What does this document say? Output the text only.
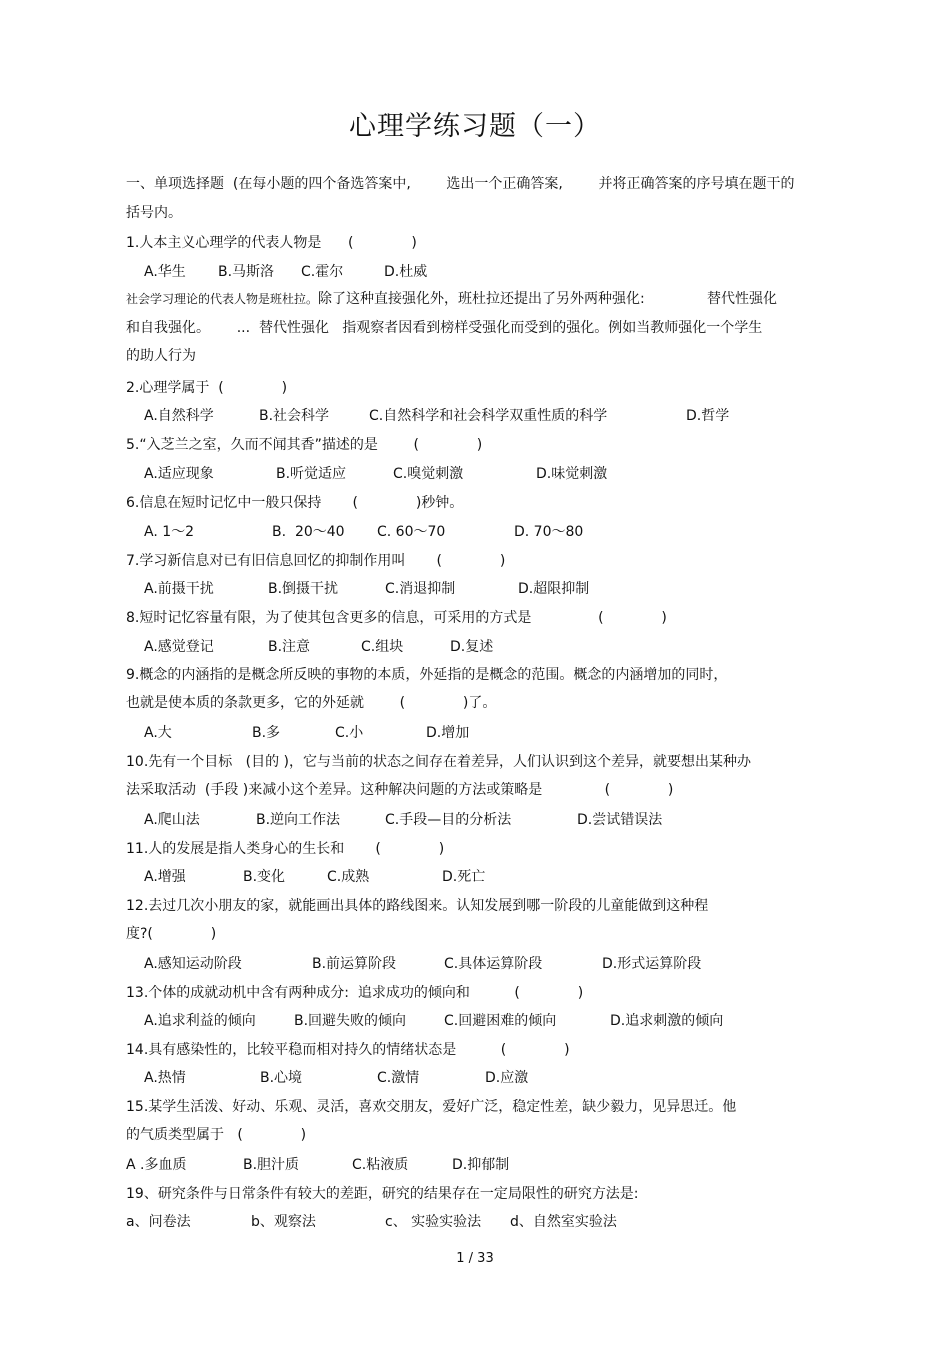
心理学练习题（一）
一、单项选择题  (在每小题的四个备选答案中,        选出一个正确答案,        并将正确答案的序号填在题干的
括号内。
1.人本主义心理学的代表人物是      (             )
A.华生 B.马斯洛 C.霍尔	D.杜威
社会学习理论的代表人物是班杜拉。除了这种直接强化外，班杜拉还提出了另外两种强化:              替代性强化
和自我强化。      ...  替代性强化   指观察者因看到榜样受强化而受到的强化。例如当教师强化一个学生
的助人行为
2.心理学属于  (             )
A.自然科学	B.社会科学	C.自然科学和社会科学双重性质的科学	D.哲学
5.“入芝兰之室，久而不闻其香”描述的是        (             )
A.适应现象	B.听觉适应	C.嗅觉刺激	D.味觉刺激
6.信息在短时记忆中一般只保持       (             )秒钟。
A. 1～2	B.  20～40 C. 60～70	D. 70～80
7.学习新信息对已有旧信息回忆的抑制作用叫       (             )
A.前摄干扰	B.倒摄干扰	C.消退抑制	D.超限抑制
8.短时记忆容量有限，为了使其包含更多的信息，可采用的方式是               (             )
A.感觉登记	B.注意	C.组块	D.复述
9.概念的内涵指的是概念所反映的事物的本质，外延指的是概念的范围。概念的内涵增加的同时，
也就是使本质的条款更多，它的外延就        (             )了。
A.大	B.多	C.小	D.增加
10.先有一个目标   (目的 )，它与当前的状态之间存在着差异，人们认识到这个差异，就要想出某种办
法采取活动  (手段 )来减小这个差异。这种解决问题的方法或策略是              (             )
A.爬山法	B.逆向工作法	C.手段—目的分析法	D.尝试错误法
11.人的发展是指人类身心的生长和       (             )
A.增强	B.变化	C.成熟	D.死亡
12.去过几次小朋友的家，就能画出具体的路线图来。认知发展到哪一阶段的儿童能做到这种程
度?(             )
A.感知运动阶段	B.前运算阶段	C.具体运算阶段	D.形式运算阶段
13.个体的成就动机中含有两种成分:  追求成功的倾向和          (             )
A.追求利益的倾向	B.回避失败的倾向	C.回避困难的倾向	D.追求刺激的倾向
14.具有感染性的，比较平稳而相对持久的情绪状态是          (             )
A.热情	B.心境	C.激情	D.应激
15.某学生活泼、好动、乐观、灵活，喜欢交朋友，爱好广泛，稳定性差，缺少毅力，见异思迁。他
的气质类型属于   (             )
A .多血质	B.胆汁质	C.粘液质	D.抑郁制
19、研究条件与日常条件有较大的差距，研究的结果存在一定局限性的研究方法是:
a、问卷法	b、观察法	c、 实验实验法 d、自然室实验法
1 / 33
